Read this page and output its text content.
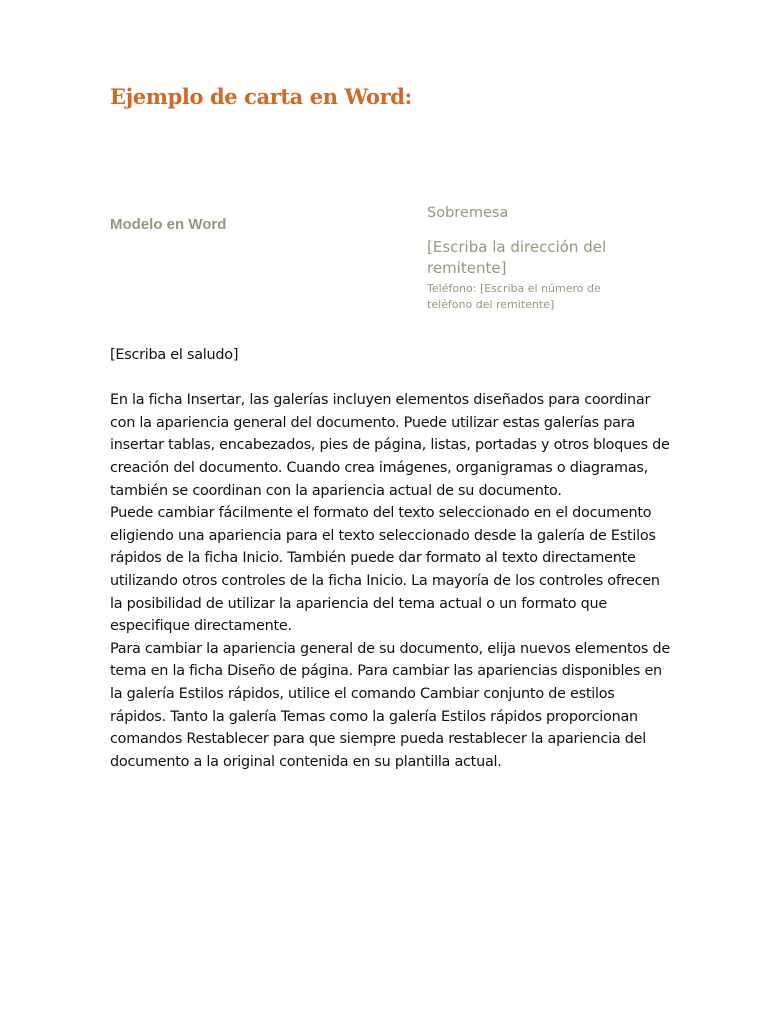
Ejemplo de carta en Word:
Modelo en Word
Sobremesa
[Escriba la dirección del remitente]
Teléfono: [Escriba el número de teléfono del remitente]

[Escriba el saludo]

En la ficha Insertar, las galerías incluyen elementos diseñados para coordinar con la apariencia general del documento. Puede utilizar estas galerías para insertar tablas, encabezados, pies de página, listas, portadas y otros bloques de creación del documento. Cuando crea imágenes, organigramas o diagramas, también se coordinan con la apariencia actual de su documento.

Puede cambiar fácilmente el formato del texto seleccionado en el documento eligiendo una apariencia para el texto seleccionado desde la galería de Estilos rápidos de la ficha Inicio. También puede dar formato al texto directamente utilizando otros controles de la ficha Inicio. La mayoría de los controles ofrecen la posibilidad de utilizar la apariencia del tema actual o un formato que especifique directamente.

Para cambiar la apariencia general de su documento, elija nuevos elementos de tema en la ficha Diseño de página. Para cambiar las apariencias disponibles en la galería Estilos rápidos, utilice el comando Cambiar conjunto de estilos rápidos. Tanto la galería Temas como la galería Estilos rápidos proporcionan comandos Restablecer para que siempre pueda restablecer la apariencia del documento a la original contenida en su plantilla actual.
